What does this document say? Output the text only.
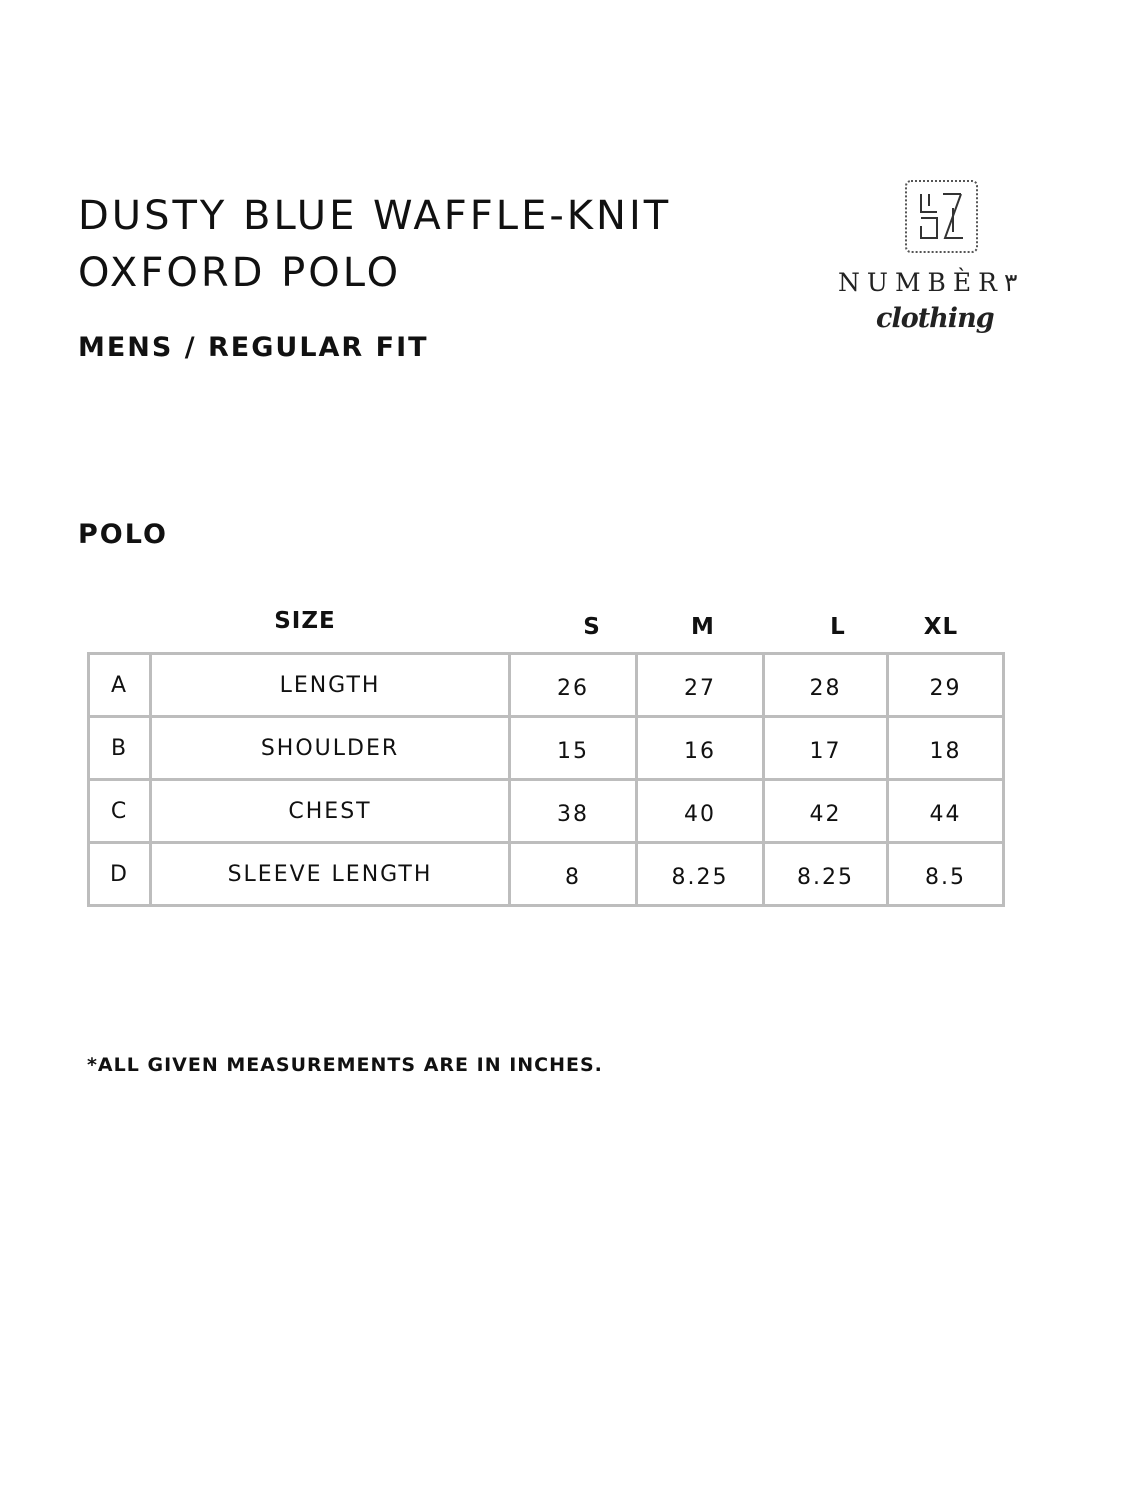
DUSTY BLUE WAFFLE-KNIT OXFORD POLO
MENS / REGULAR FIT
NUMBÈR٣
clothing
POLO
SIZE	S	M	L	XL
A	LENGTH	26	27	28	29
B	SHOULDER	15	16	17	18
C	CHEST	38	40	42	44
D	SLEEVE LENGTH	8	8.25	8.25	8.5
*ALL GIVEN MEASUREMENTS ARE IN INCHES.
